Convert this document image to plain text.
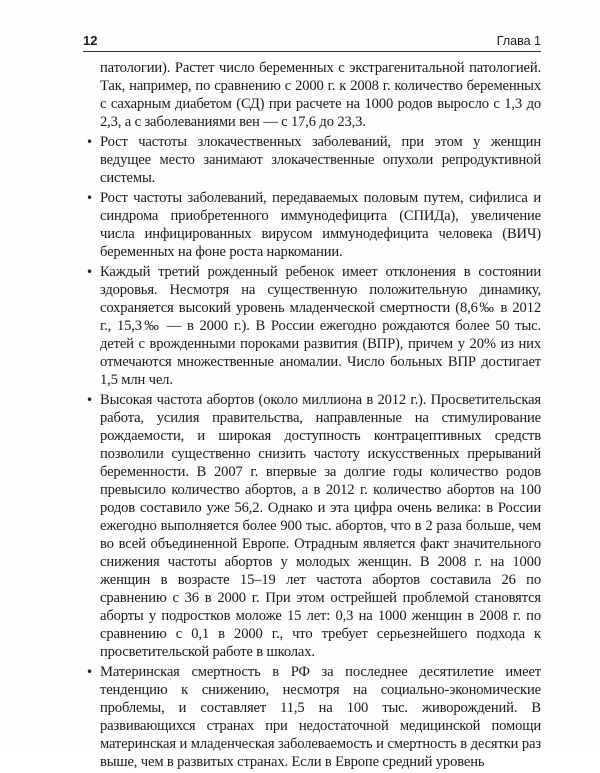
12	Глава 1

патологии). Растет число беременных с экстрагенитальной патологией. Так, например, по сравнению с 2000 г. к 2008 г. количество беременных с сахарным диабетом (СД) при расчете на 1000 родов выросло с 1,3 до 2,3, а с заболеваниями вен — с 17,6 до 23,3.

• Рост частоты злокачественных заболеваний, при этом у женщин ведущее место занимают злокачественные опухоли репродуктивной системы.
• Рост частоты заболеваний, передаваемых половым путем, сифилиса и синдрома приобретенного иммунодефицита (СПИДа), увеличение числа инфицированных вирусом иммунодефицита человека (ВИЧ) беременных на фоне роста наркомании.
• Каждый третий рожденный ребенок имеет отклонения в состоянии здоровья. Несмотря на существенную положительную динамику, сохраняется высокий уровень младенческой смертности (8,6‰ в 2012 г., 15,3‰ — в 2000 г.). В России ежегодно рождаются более 50 тыс. детей с врожденными пороками развития (ВПР), причем у 20% из них отмечаются множественные аномалии. Число больных ВПР достигает 1,5 млн чел.
• Высокая частота абортов (около миллиона в 2012 г.). Просветительская работа, усилия правительства, направленные на стимулирование рождаемости, и широкая доступность контрацептивных средств позволили существенно снизить частоту искусственных прерываний беременности. В 2007 г. впервые за долгие годы количество родов превысило количество абортов, а в 2012 г. количество абортов на 100 родов составило уже 56,2. Однако и эта цифра очень велика: в России ежегодно выполняется более 900 тыс. абортов, что в 2 раза больше, чем во всей объединенной Европе. Отрадным является факт значительного снижения частоты абортов у молодых женщин. В 2008 г. на 1000 женщин в возрасте 15–19 лет частота абортов составила 26 по сравнению с 36 в 2000 г. При этом острейшей проблемой становятся аборты у подростков моложе 15 лет: 0,3 на 1000 женщин в 2008 г. по сравнению с 0,1 в 2000 г., что требует серьезнейшего подхода к просветительской работе в школах.
• Материнская смертность в РФ за последнее десятилетие имеет тенденцию к снижению, несмотря на социально-экономические проблемы, и составляет 11,5 на 100 тыс. живорождений. В развивающихся странах при недостаточной медицинской помощи материнская и младенческая заболеваемость и смертность в десятки раз выше, чем в развитых странах. Если в Европе средний уровень
